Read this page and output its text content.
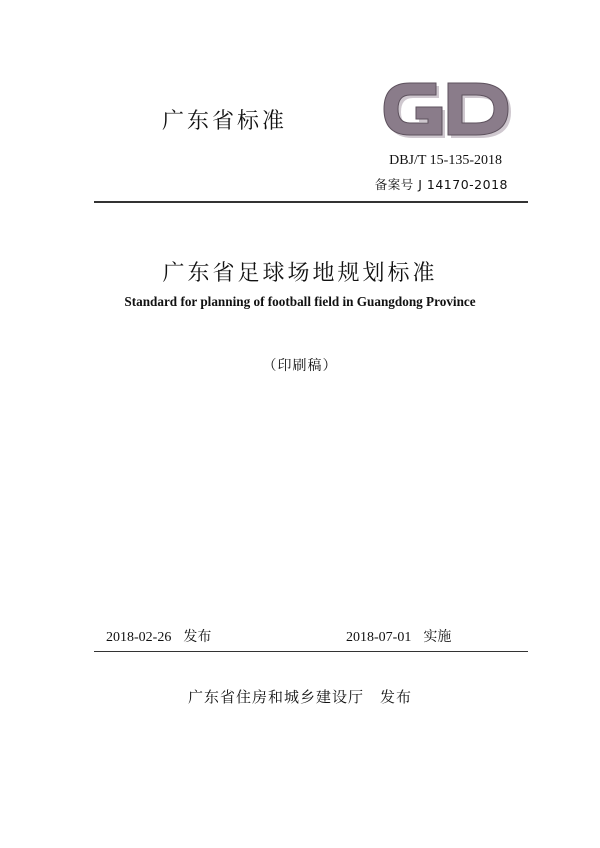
广东省标准
DBJ/T 15-135-2018
备案号 J 14170-2018
广东省足球场地规划标准
Standard for planning of football field in Guangdong Province
（印刷稿）
2018-02-26 发布	2018-07-01 实施
广东省住房和城乡建设厅 发布
